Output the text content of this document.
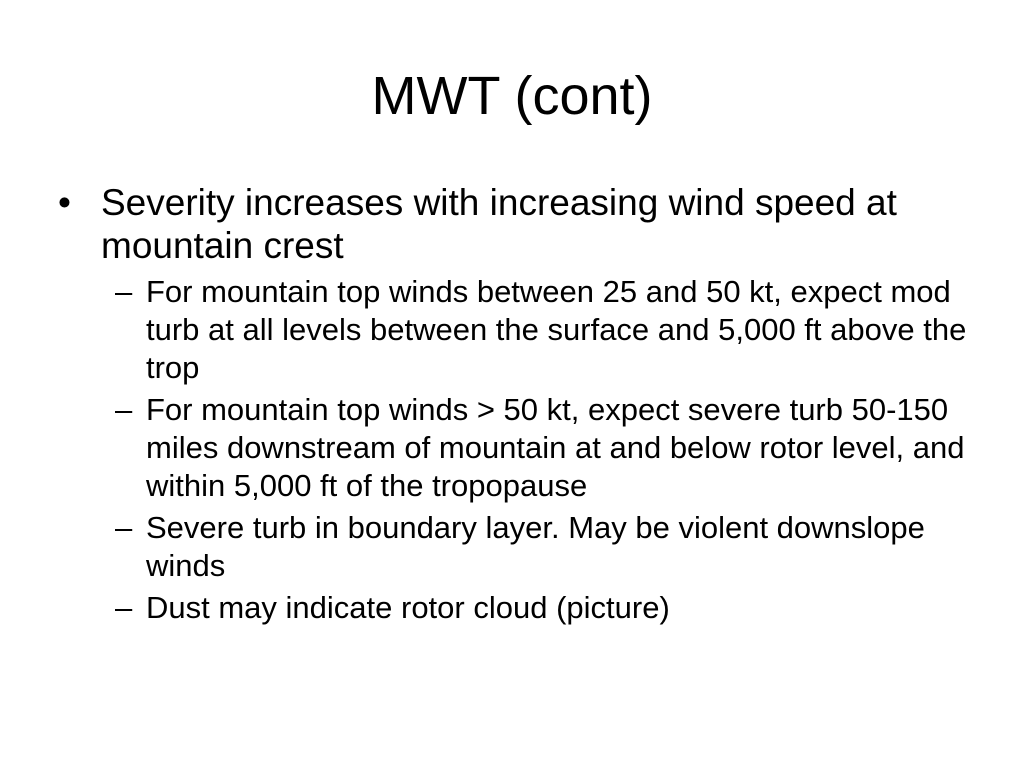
MWT (cont)
• Severity increases with increasing wind speed at mountain crest
– For mountain top winds between 25 and 50 kt, expect mod turb at all levels between the surface and 5,000 ft above the trop
– For mountain top winds > 50 kt, expect severe turb 50-150 miles downstream of mountain at and below rotor level, and within 5,000 ft of the tropopause
– Severe turb in boundary layer. May be violent downslope winds
– Dust may indicate rotor cloud (picture)
